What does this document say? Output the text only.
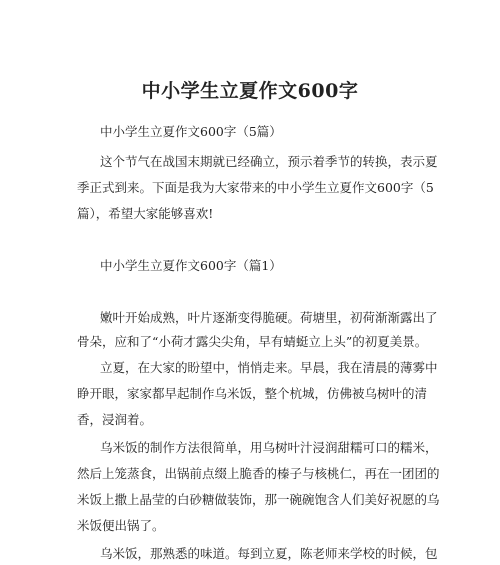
中小学生立夏作文600字
中小学生立夏作文600字（5篇）
这个节气在战国末期就已经确立，预示着季节的转换，表示夏
季正式到来。下面是我为大家带来的中小学生立夏作文600字（5
篇），希望大家能够喜欢!
中小学生立夏作文600字（篇1）
嫩叶开始成熟，叶片逐渐变得脆硬。荷塘里，初荷渐渐露出了
骨朵，应和了“小荷才露尖尖角，早有蜻蜓立上头”的初夏美景。
立夏，在大家的盼望中，悄悄走来。早晨，我在清晨的薄雾中
睁开眼，家家都早起制作乌米饭，整个杭城，仿佛被乌树叶的清
香，浸润着。
乌米饭的制作方法很简单，用乌树叶汁浸润甜糯可口的糯米，
然后上笼蒸食，出锅前点缀上脆香的榛子与核桃仁，再在一团团的
米饭上撒上晶莹的白砂糖做装饰，那一碗碗饱含人们美好祝愿的乌
米饭便出锅了。
乌米饭，那熟悉的味道。每到立夏，陈老师来学校的时候，包
